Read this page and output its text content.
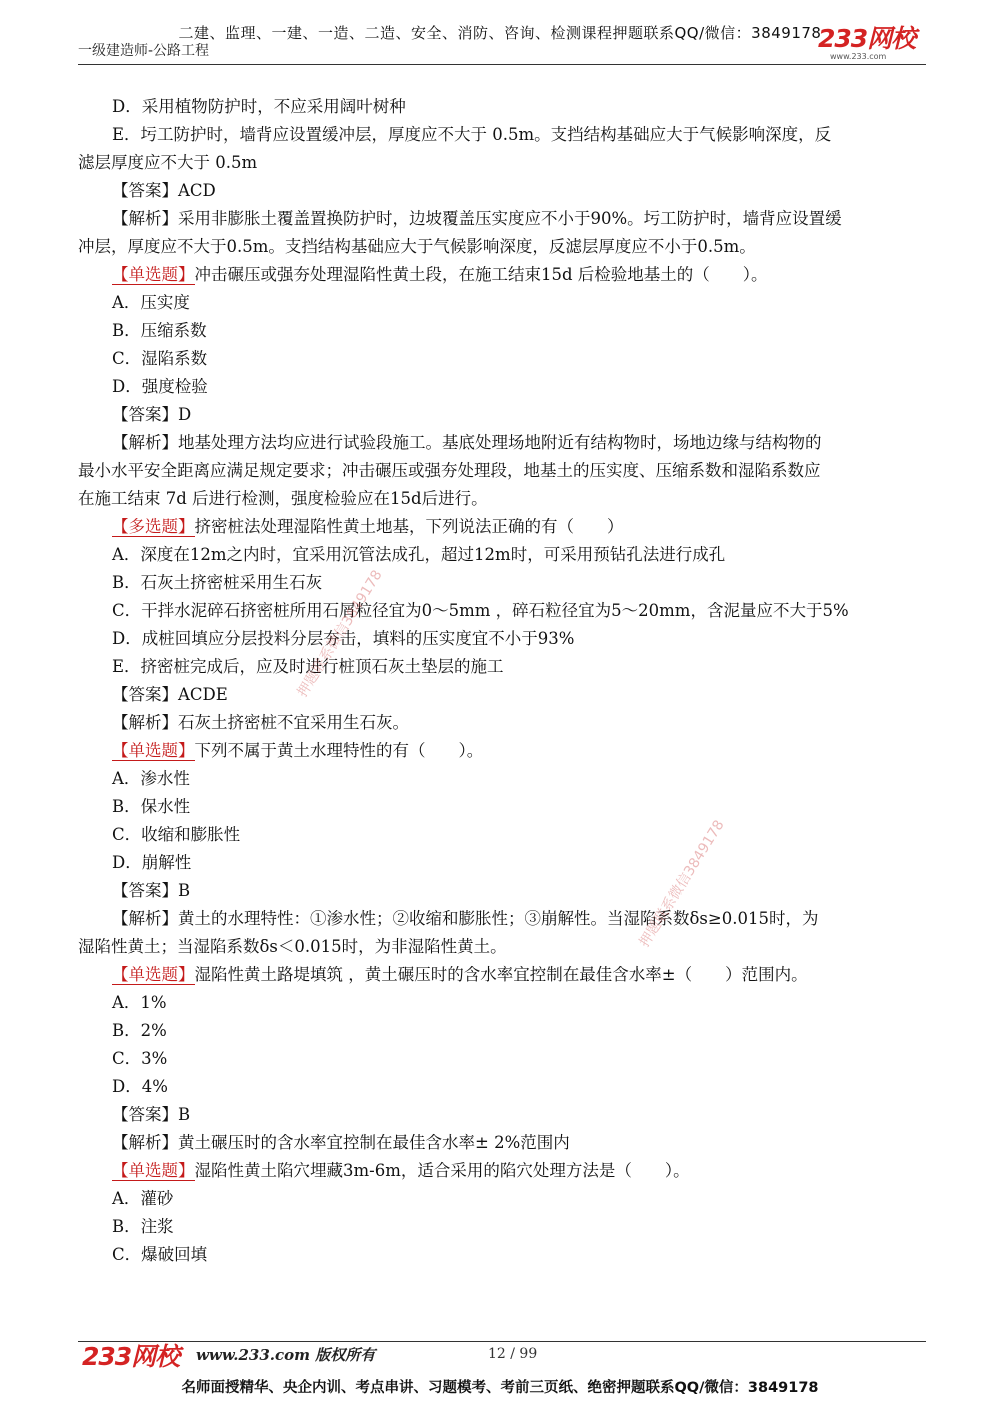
二建、监理、一建、一造、二造、安全、消防、咨询、检测课程押题联系QQ/微信：3849178
一级建造师-公路工程	233网校
www.233.com
D．采用植物防护时，不应采用阔叶树种
E．圬工防护时，墙背应设置缓冲层，厚度应不大于 0.5m。支挡结构基础应大于气候影响深度，反
滤层厚度应不大于 0.5m
【答案】ACD
【解析】采用非膨胀土覆盖置换防护时，边坡覆盖压实度应不小于90%。圬工防护时，墙背应设置缓
冲层，厚度应不大于0.5m。支挡结构基础应大于气候影响深度，反滤层厚度应不小于0.5m。
【单选题】冲击碾压或强夯处理湿陷性黄土段，在施工结束15d 后检验地基土的（　　）。
A．压实度
B．压缩系数
C．湿陷系数
D．强度检验
【答案】D
【解析】地基处理方法均应进行试验段施工。基底处理场地附近有结构物时，场地边缘与结构物的
最小水平安全距离应满足规定要求；冲击碾压或强夯处理段，地基土的压实度、压缩系数和湿陷系数应
在施工结束 7d 后进行检测，强度检验应在15d后进行。
【多选题】挤密桩法处理湿陷性黄土地基，下列说法正确的有（　　）
A．深度在12m之内时，宜采用沉管法成孔，超过12m时，可采用预钻孔法进行成孔
B．石灰土挤密桩采用生石灰
C．干拌水泥碎石挤密桩所用石屑粒径宜为0～5mm ，碎石粒径宜为5～20mm，含泥量应不大于5%
D．成桩回填应分层投料分层夯击，填料的压实度宜不小于93%
E．挤密桩完成后，应及时进行桩顶石灰土垫层的施工
【答案】ACDE
【解析】石灰土挤密桩不宜采用生石灰。
【单选题】下列不属于黄土水理特性的有（　　）。
A．渗水性
B．保水性
C．收缩和膨胀性
D．崩解性
【答案】B
【解析】黄土的水理特性：①渗水性；②收缩和膨胀性；③崩解性。当湿陷系数δs≥0.015时，为
湿陷性黄土；当湿陷系数δs＜0.015时，为非湿陷性黄土。
【单选题】湿陷性黄土路堤填筑 ，黄土碾压时的含水率宜控制在最佳含水率±（　　）范围内。
A．1%
B．2%
C．3%
D．4%
【答案】B
【解析】黄土碾压时的含水率宜控制在最佳含水率± 2%范围内
【单选题】湿陷性黄土陷穴埋藏3m-6m，适合采用的陷穴处理方法是（　　）。
A．灌砂
B．注浆
C．爆破回填
押题联系微信3849178
押题联系微信3849178
233网校 www.233.com 版权所有	12 / 99
名师面授精华、央企内训、考点串讲、习题模考、考前三页纸、绝密押题联系QQ/微信：3849178
